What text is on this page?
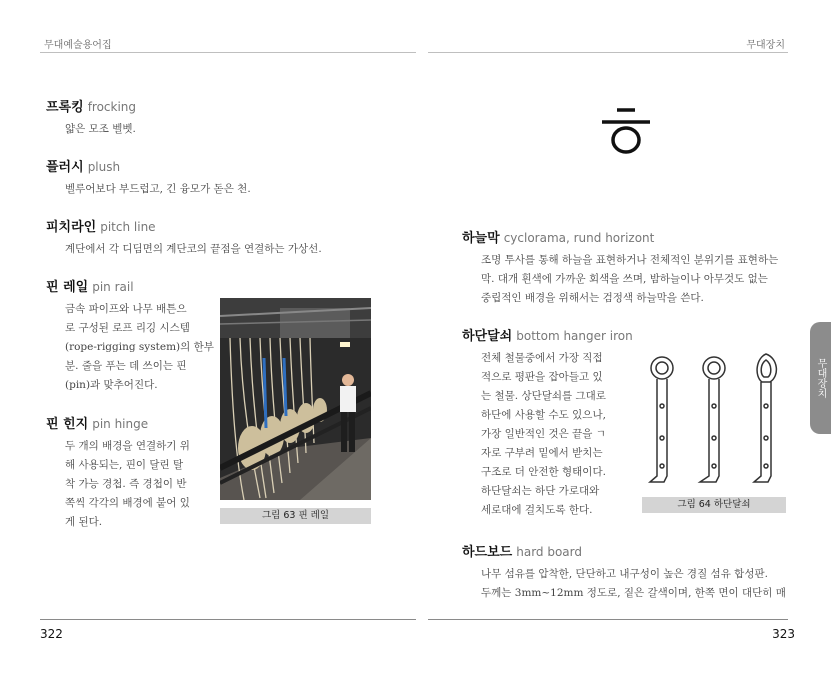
무대예술용어집	무대장치
프록킹 frocking
얇은 모조 벨벳.
플러시 plush
벨루어보다 부드럽고, 긴 융모가 돋은 천.
피치라인 pitch line
계단에서 각 디딤면의 계단코의 끝점을 연결하는 가상선.
핀 레일 pin rail
금속 파이프와 나무 배튼으
로 구성된 로프 리깅 시스템
(rope-rigging system)의 한부
분. 줄을 푸는 데 쓰이는 핀
(pin)과 맞추어진다.
핀 힌지 pin hinge
두 개의 배경을 연결하기 위
해 사용되는, 핀이 달린 탈
착 가능 경첩. 즉 경첩이 반
쪽씩 각각의 배경에 붙어 있
게 된다.
그림 63 핀 레일
322
하늘막 cyclorama, rund horizont
조명 투사를 통해 하늘을 표현하거나 전체적인 분위기를 표현하는
막. 대개 흰색에 가까운 회색을 쓰며, 밤하늘이나 아무것도 없는
중립적인 배경을 위해서는 검정색 하늘막을 쓴다.
하단달쇠 bottom hanger iron
전체 철물중에서 가장 직접
적으로 평판을 잡아들고 있
는 철물. 상단달쇠를 그대로
하단에 사용할 수도 있으나,
가장 일반적인 것은 끝을 ㄱ
자로 구부려 밑에서 받치는
구조로 더 안전한 형태이다.
하단달쇠는 하단 가로대와
세로대에 걸치도록 한다.	그림 64 하단달쇠
하드보드 hard board
나무 섬유를 압착한, 단단하고 내구성이 높은 경질 섬유 합성판.
두께는 3mm~12mm 정도로, 짙은 갈색이며, 한쪽 면이 대단히 매
무대장치
323
